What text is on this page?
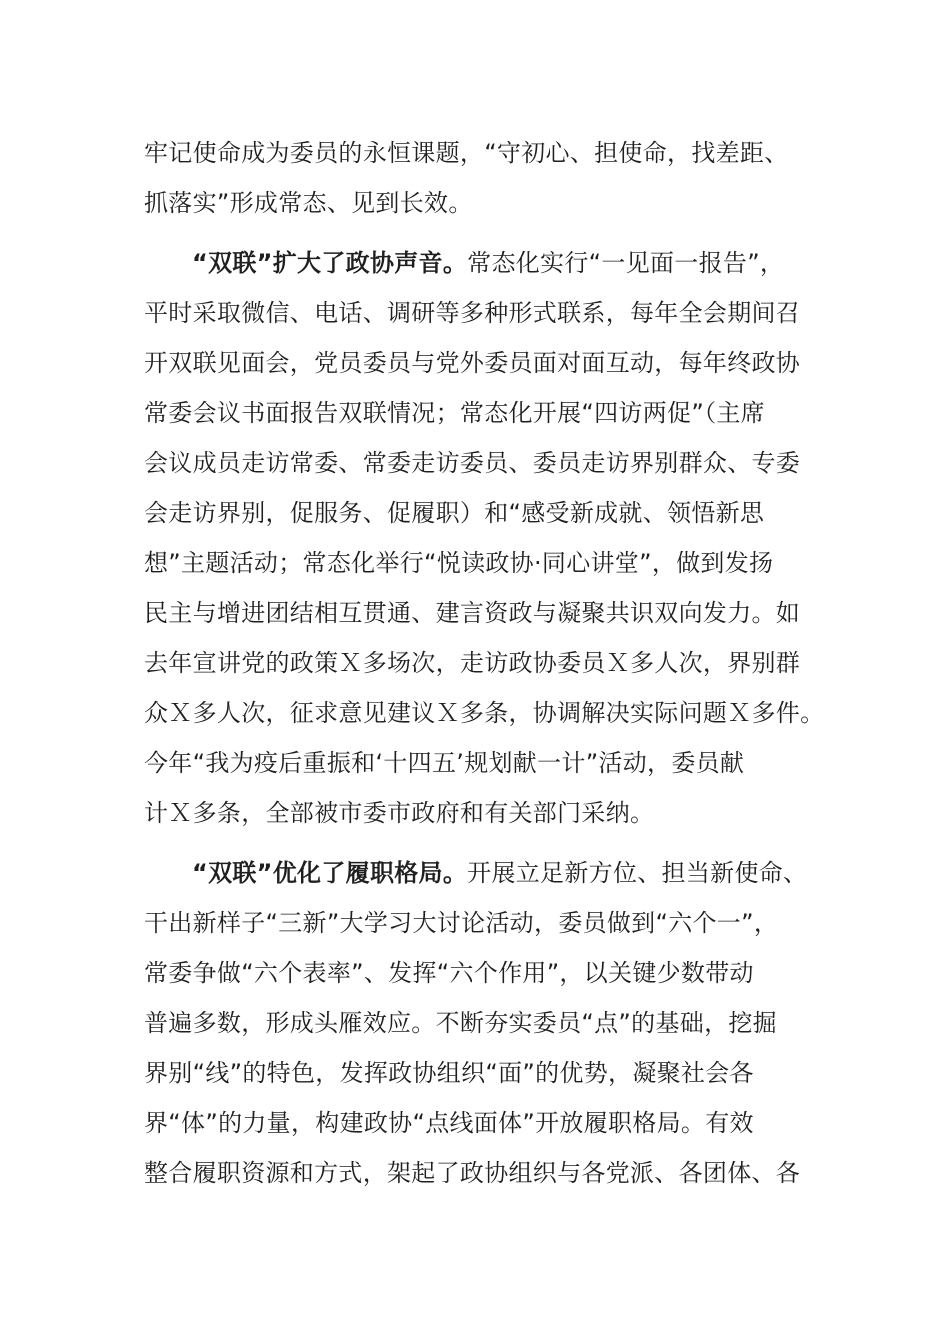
牢记使命成为委员的永恒课题，“守初心、担使命，找差距、
抓落实”形成常态、见到长效。
“双联”扩大了政协声音。常态化实行“一见面一报告”，
平时采取微信、电话、调研等多种形式联系，每年全会期间召
开双联见面会，党员委员与党外委员面对面互动，每年终政协
常委会议书面报告双联情况；常态化开展“四访两促”（主席
会议成员走访常委、常委走访委员、委员走访界别群众、专委
会走访界别，促服务、促履职）和“感受新成就、领悟新思
想”主题活动；常态化举行“悦读政协·同心讲堂”，做到发扬
民主与增进团结相互贯通、建言资政与凝聚共识双向发力。如
去年宣讲党的政策Ｘ多场次，走访政协委员Ｘ多人次，界别群
众Ｘ多人次，征求意见建议Ｘ多条，协调解决实际问题Ｘ多件。
今年“我为疫后重振和‘十四五’规划献一计”活动，委员献
计Ｘ多条，全部被市委市政府和有关部门采纳。
“双联”优化了履职格局。开展立足新方位、担当新使命、
干出新样子“三新”大学习大讨论活动，委员做到“六个一”，
常委争做“六个表率”、发挥“六个作用”，以关键少数带动
普遍多数，形成头雁效应。不断夯实委员“点”的基础，挖掘
界别“线”的特色，发挥政协组织“面”的优势，凝聚社会各
界“体”的力量，构建政协“点线面体”开放履职格局。有效
整合履职资源和方式，架起了政协组织与各党派、各团体、各
